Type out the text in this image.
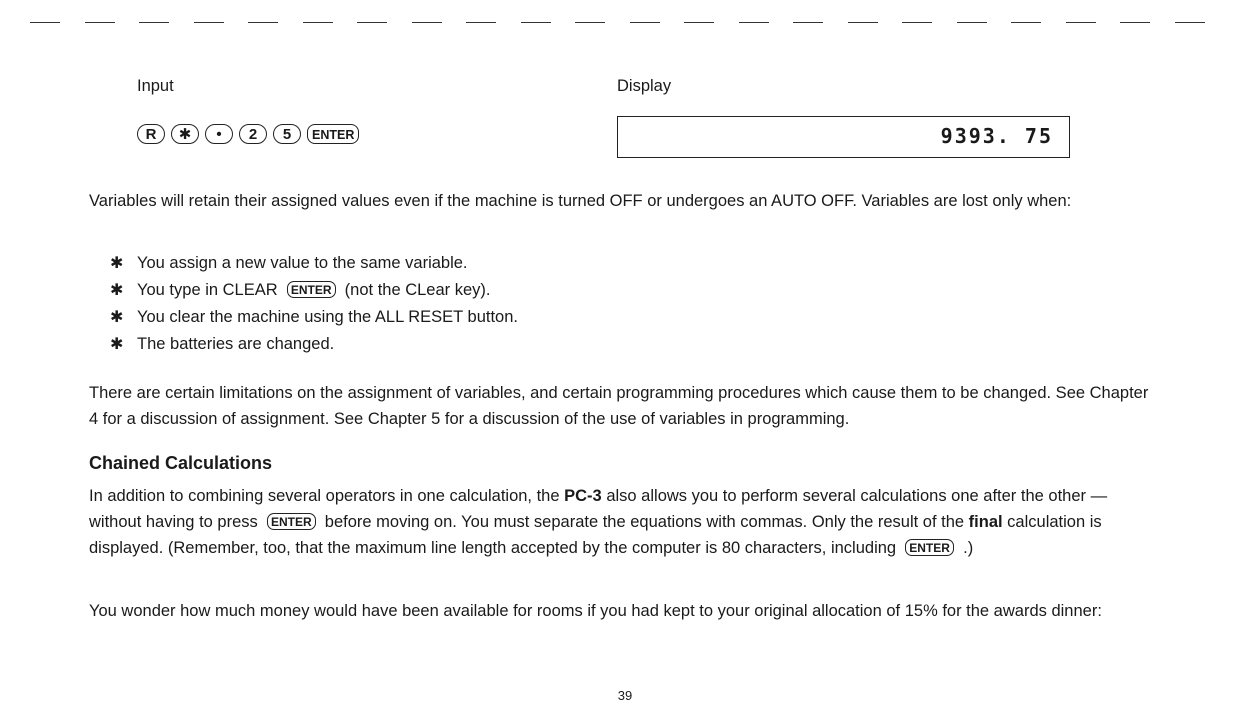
Input	Display
R	✱	•	2	5	ENTER	9393. 75

Variables will retain their assigned values even if the machine is turned OFF or undergoes an AUTO OFF. Variables are lost only when:

✱ You assign a new value to the same variable.
✱ You type in CLEAR ENTER (not the CLear key).
✱ You clear the machine using the ALL RESET button.
✱ The batteries are changed.

There are certain limitations on the assignment of variables, and certain programming procedures which cause them to be changed. See Chapter 4 for a discussion of assignment. See Chapter 5 for a discussion of the use of variables in programming.

Chained Calculations

In addition to combining several operators in one calculation, the PC-3 also allows you to perform several calculations one after the other — without having to press ENTER before moving on. You must separate the equations with commas. Only the result of the final calculation is displayed. (Remember, too, that the maximum line length accepted by the computer is 80 characters, including ENTER .)

You wonder how much money would have been available for rooms if you had kept to your original allocation of 15% for the awards dinner:

39
